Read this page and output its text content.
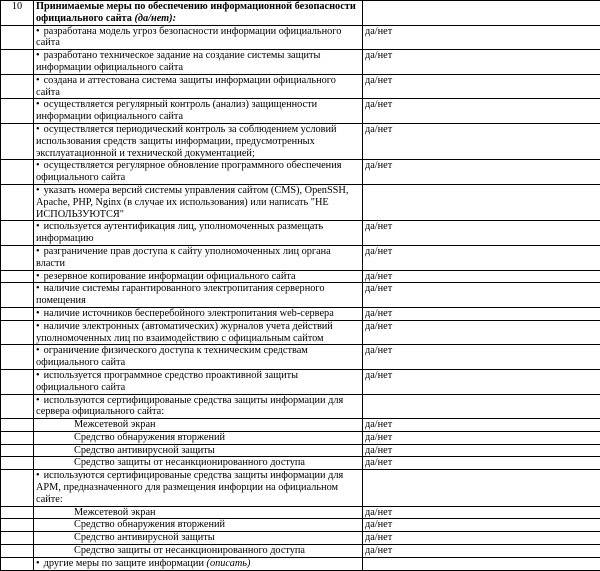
10	Принимаемые меры по обеспечению информационной безопасности официального сайта (да/нет):	
	• разработана модель угроз безопасности информации официального сайта	да/нет
	• разработано техническое задание на создание системы защиты информации официального сайта	да/нет
	• создана и аттестована система защиты информации официального сайта	да/нет
	• осуществляется регулярный контроль (анализ) защищенности информации официального сайта	да/нет
	• осуществляется периодический контроль за соблюдением условий использования средств защиты информации, предусмотренных эксплуатационной и технической документацией;	да/нет
	• осуществляется регулярное обновление программного обеспечения официального сайта	да/нет
	• указать номера версий системы управления сайтом (CMS), OpenSSH, Apache, PHP, Nginx (в случае их использования) или написать "НЕ ИСПОЛЬЗУЮТСЯ"	
	• используется аутентификация лиц, уполномоченных размещать информацию	да/нет
	• разграничение прав доступа к сайту уполномоченных лиц органа власти	да/нет
	• резервное копирование информации официального сайта	да/нет
	• наличие системы гарантированного электропитания серверного помещения	да/нет
	• наличие источников бесперебойного электропитания web-сервера	да/нет
	• наличие электронных (автоматических) журналов учета действий уполномоченных лиц по взаимодействию с официальным сайтом	да/нет
	• ограничение физического доступа к техническим средствам официального сайта	да/нет
	• используется программное средство проактивной защиты официального сайта	да/нет
	• используются сертифицированые средства защиты информации для сервера официального сайта:	
	Межсетевой экран	да/нет
	Средство обнаружения вторжений	да/нет
	Средство антивирусной защиты	да/нет
	Средство защиты от несанкционированного доступа	да/нет
	• используются сертифицированые средства защиты информации для АРМ, предназначенного для размещения инфорции на официальном сайте:	
	Межсетевой экран	да/нет
	Средство обнаружения вторжений	да/нет
	Средство антивирусной защиты	да/нет
	Средство защиты от несанкционированного доступа	да/нет
	• другие меры по защите информации (описать)	
